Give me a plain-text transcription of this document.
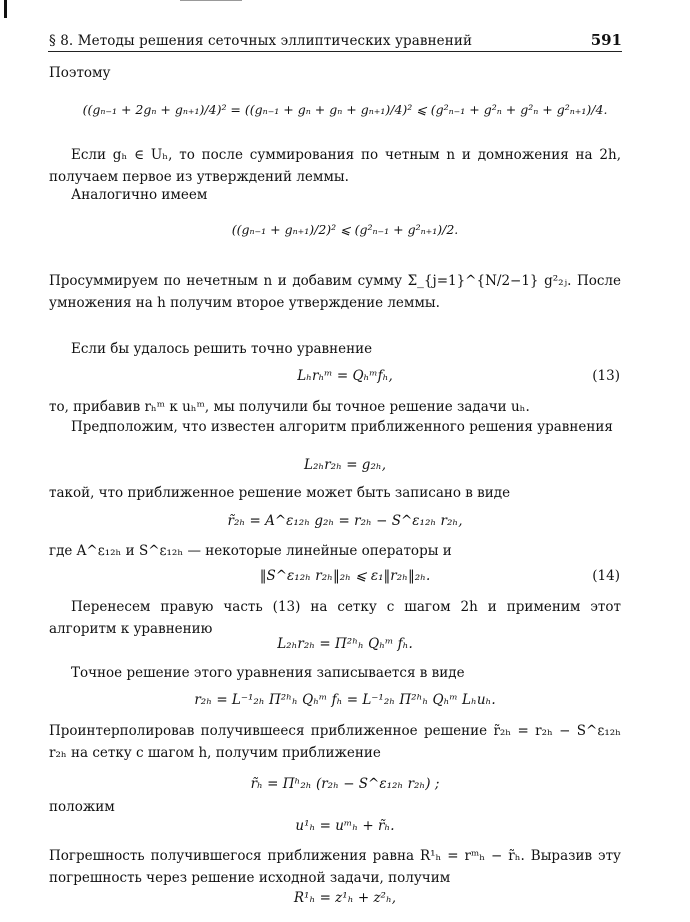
§ 8. Методы решения сеточных эллиптических уравнений	591
Поэтому
((gₙ₋₁ + 2gₙ + gₙ₊₁)/4)² = ((gₙ₋₁ + gₙ + gₙ + gₙ₊₁)/4)² ⩽ (g²ₙ₋₁ + g²ₙ + g²ₙ + g²ₙ₊₁)/4.
Если gₕ ∈ Uₕ, то после суммирования по четным n и домножения на 2h, получаем первое из утверждений леммы.
Аналогично имеем
((gₙ₋₁ + gₙ₊₁)/2)² ⩽ (g²ₙ₋₁ + g²ₙ₊₁)/2.
Просуммируем по нечетным n и добавим сумму Σ_{j=1}^{N/2−1} g²₂ⱼ. После умножения на h получим второе утверждение леммы.
Если бы удалось решить точно уравнение
Lₕrₕᵐ = Qₕᵐfₕ,	(13)
то, прибавив rₕᵐ к uₕᵐ, мы получили бы точное решение задачи uₕ.
Предположим, что известен алгоритм приближенного решения уравнения
L₂ₕr₂ₕ = g₂ₕ,
такой, что приближенное решение может быть записано в виде
r̃₂ₕ = A^ε₁₂ₕ g₂ₕ = r₂ₕ − S^ε₁₂ₕ r₂ₕ,
где A^ε₁₂ₕ и S^ε₁₂ₕ — некоторые линейные операторы и
‖S^ε₁₂ₕ r₂ₕ‖₂ₕ ⩽ ε₁‖r₂ₕ‖₂ₕ.	(14)
Перенесем правую часть (13) на сетку с шагом 2h и применим этот алгоритм к уравнению
L₂ₕr₂ₕ = Π²ʰₕ Qₕᵐ fₕ.
Точное решение этого уравнения записывается в виде
r₂ₕ = L⁻¹₂ₕ Π²ʰₕ Qₕᵐ fₕ = L⁻¹₂ₕ Π²ʰₕ Qₕᵐ Lₕuₕ.
Проинтерполировав получившееся приближенное решение r̃₂ₕ = r₂ₕ − S^ε₁₂ₕ r₂ₕ на сетку с шагом h, получим приближение
r̃ₕ = Πʰ₂ₕ (r₂ₕ − S^ε₁₂ₕ r₂ₕ) ;
положим
u¹ₕ = uᵐₕ + r̃ₕ.
Погрешность получившегося приближения равна R¹ₕ = rᵐₕ − r̃ₕ. Выразив эту погрешность через решение исходной задачи, получим
R¹ₕ = z¹ₕ + z²ₕ,
